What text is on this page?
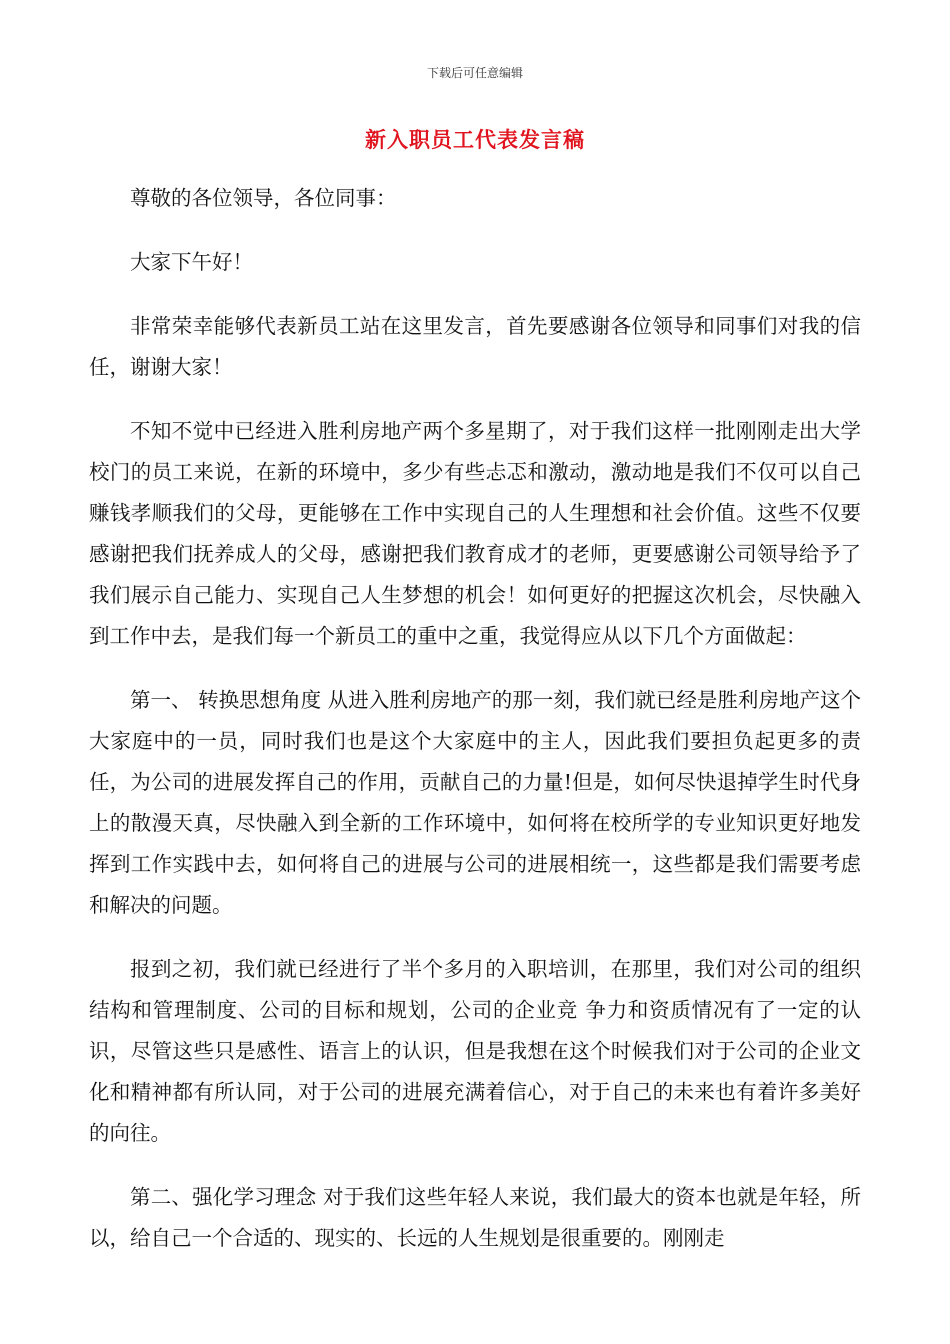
下载后可任意编辑
新入职员工代表发言稿

尊敬的各位领导，各位同事：

大家下午好！

非常荣幸能够代表新员工站在这里发言，首先要感谢各位领导和同事们对我的信任，谢谢大家！

不知不觉中已经进入胜利房地产两个多星期了，对于我们这样一批刚刚走出大学校门的员工来说，在新的环境中，多少有些忐忑和激动，激动地是我们不仅可以自己赚钱孝顺我们的父母，更能够在工作中实现自己的人生理想和社会价值。这些不仅要感谢把我们抚养成人的父母，感谢把我们教育成才的老师，更要感谢公司领导给予了我们展示自己能力、实现自己人生梦想的机会！如何更好的把握这次机会，尽快融入到工作中去，是我们每一个新员工的重中之重，我觉得应从以下几个方面做起：

第一、 转换思想角度 从进入胜利房地产的那一刻，我们就已经是胜利房地产这个大家庭中的一员，同时我们也是这个大家庭中的主人，因此我们要担负起更多的责任，为公司的进展发挥自己的作用，贡献自己的力量!但是，如何尽快退掉学生时代身上的散漫天真，尽快融入到全新的工作环境中，如何将在校所学的专业知识更好地发挥到工作实践中去，如何将自己的进展与公司的进展相统一，这些都是我们需要考虑和解决的问题。

报到之初，我们就已经进行了半个多月的入职培训，在那里，我们对公司的组织结构和管理制度、公司的目标和规划，公司的企业竞 争力和资质情况有了一定的认识，尽管这些只是感性、语言上的认识，但是我想在这个时候我们对于公司的企业文化和精神都有所认同，对于公司的进展充满着信心，对于自己的未来也有着许多美好的向往。

第二、强化学习理念 对于我们这些年轻人来说，我们最大的资本也就是年轻，所以，给自己一个合适的、现实的、长远的人生规划是很重要的。刚刚走
